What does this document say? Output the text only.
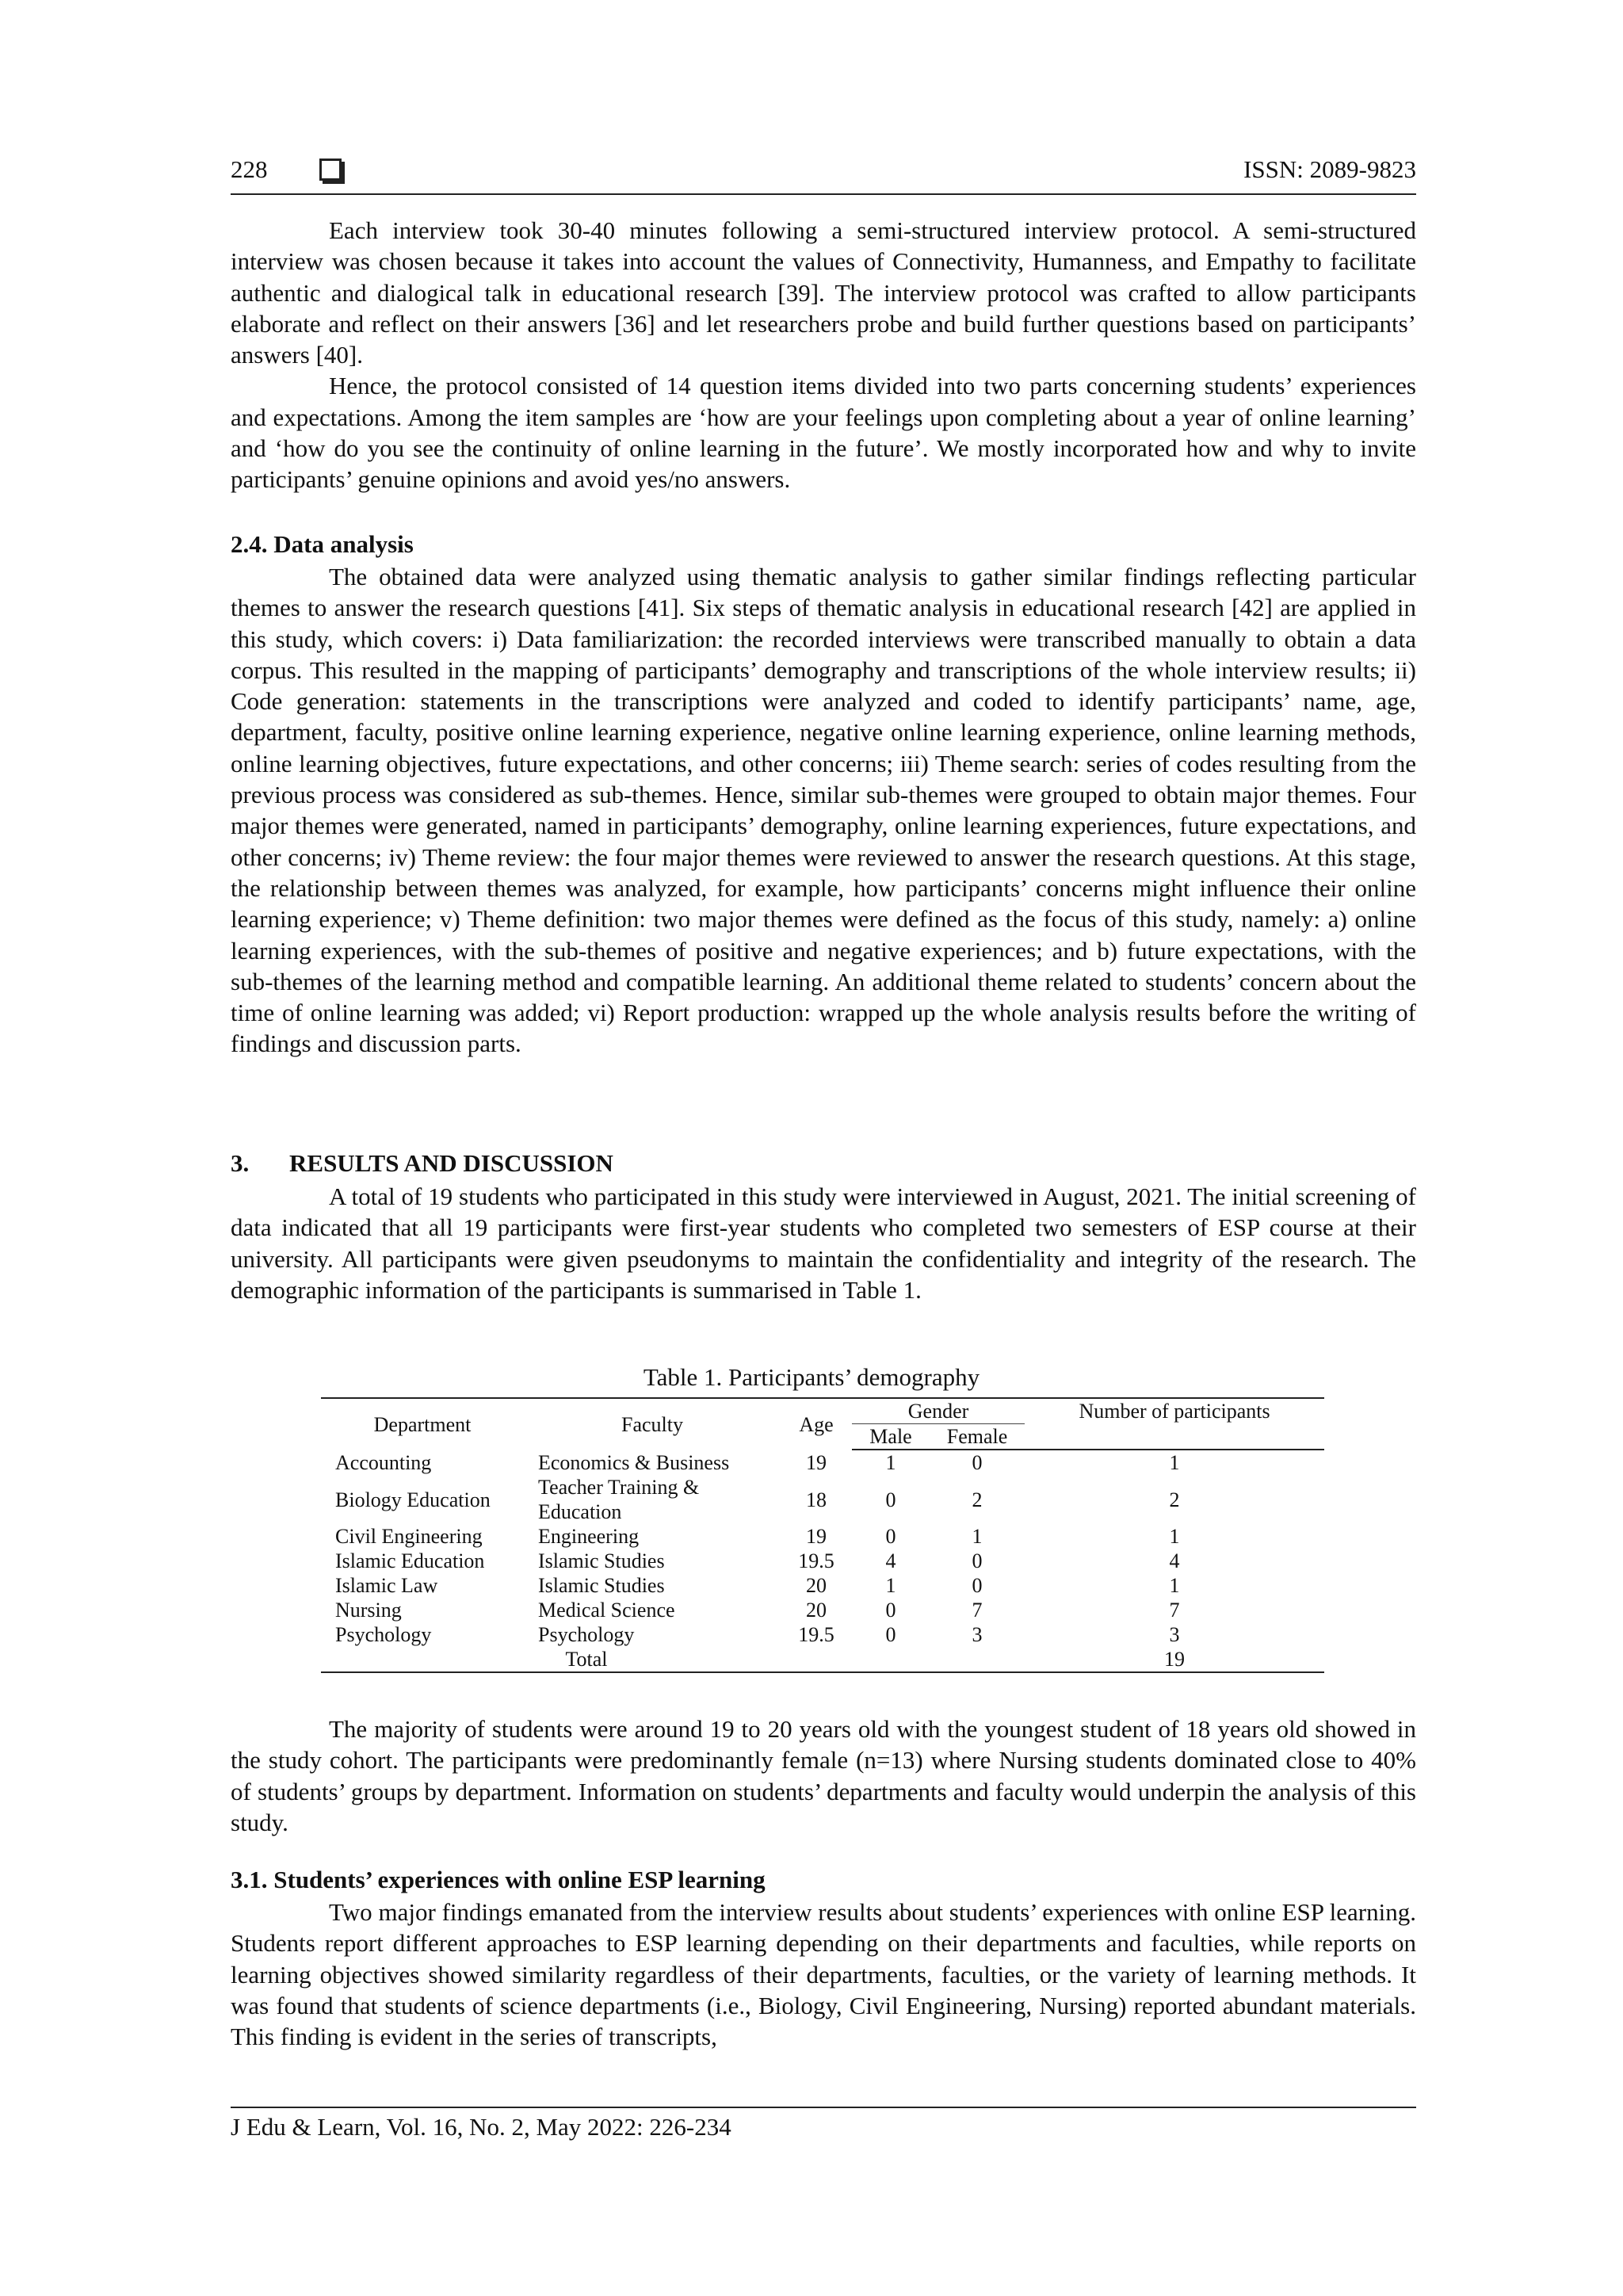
228	ISSN: 2089-9823

Each interview took 30-40 minutes following a semi-structured interview protocol. A semi-structured interview was chosen because it takes into account the values of Connectivity, Humanness, and Empathy to facilitate authentic and dialogical talk in educational research [39]. The interview protocol was crafted to allow participants elaborate and reflect on their answers [36] and let researchers probe and build further questions based on participants’ answers [40].

Hence, the protocol consisted of 14 question items divided into two parts concerning students’ experiences and expectations. Among the item samples are ‘how are your feelings upon completing about a year of online learning’ and ‘how do you see the continuity of online learning in the future’. We mostly incorporated how and why to invite participants’ genuine opinions and avoid yes/no answers.

2.4. Data analysis

The obtained data were analyzed using thematic analysis to gather similar findings reflecting particular themes to answer the research questions [41]. Six steps of thematic analysis in educational research [42] are applied in this study, which covers: i) Data familiarization: the recorded interviews were transcribed manually to obtain a data corpus. This resulted in the mapping of participants’ demography and transcriptions of the whole interview results; ii) Code generation: statements in the transcriptions were analyzed and coded to identify participants’ name, age, department, faculty, positive online learning experience, negative online learning experience, online learning methods, online learning objectives, future expectations, and other concerns; iii) Theme search: series of codes resulting from the previous process was considered as sub-themes. Hence, similar sub-themes were grouped to obtain major themes. Four major themes were generated, named in participants’ demography, online learning experiences, future expectations, and other concerns; iv) Theme review: the four major themes were reviewed to answer the research questions. At this stage, the relationship between themes was analyzed, for example, how participants’ concerns might influence their online learning experience; v) Theme definition: two major themes were defined as the focus of this study, namely: a) online learning experiences, with the sub-themes of positive and negative experiences; and b) future expectations, with the sub-themes of the learning method and compatible learning. An additional theme related to students’ concern about the time of online learning was added; vi) Report production: wrapped up the whole analysis results before the writing of findings and discussion parts.

3. RESULTS AND DISCUSSION

A total of 19 students who participated in this study were interviewed in August, 2021. The initial screening of data indicated that all 19 participants were first-year students who completed two semesters of ESP course at their university. All participants were given pseudonyms to maintain the confidentiality and integrity of the research. The demographic information of the participants is summarised in Table 1.

Table 1. Participants’ demography
Department	Faculty	Age	Gender		Number of participants
			Male	Female	
Accounting	Economics & Business	19	1	0	1
Biology Education	Teacher Training & Education	18	0	2	2
Civil Engineering	Engineering	19	0	1	1
Islamic Education	Islamic Studies	19.5	4	0	4
Islamic Law	Islamic Studies	20	1	0	1
Nursing	Medical Science	20	0	7	7
Psychology	Psychology	19.5	0	3	3
Total					19

The majority of students were around 19 to 20 years old with the youngest student of 18 years old showed in the study cohort. The participants were predominantly female (n=13) where Nursing students dominated close to 40% of students’ groups by department. Information on students’ departments and faculty would underpin the analysis of this study.

3.1. Students’ experiences with online ESP learning

Two major findings emanated from the interview results about students’ experiences with online ESP learning. Students report different approaches to ESP learning depending on their departments and faculties, while reports on learning objectives showed similarity regardless of their departments, faculties, or the variety of learning methods. It was found that students of science departments (i.e., Biology, Civil Engineering, Nursing) reported abundant materials. This finding is evident in the series of transcripts,

J Edu & Learn, Vol. 16, No. 2, May 2022: 226-234
